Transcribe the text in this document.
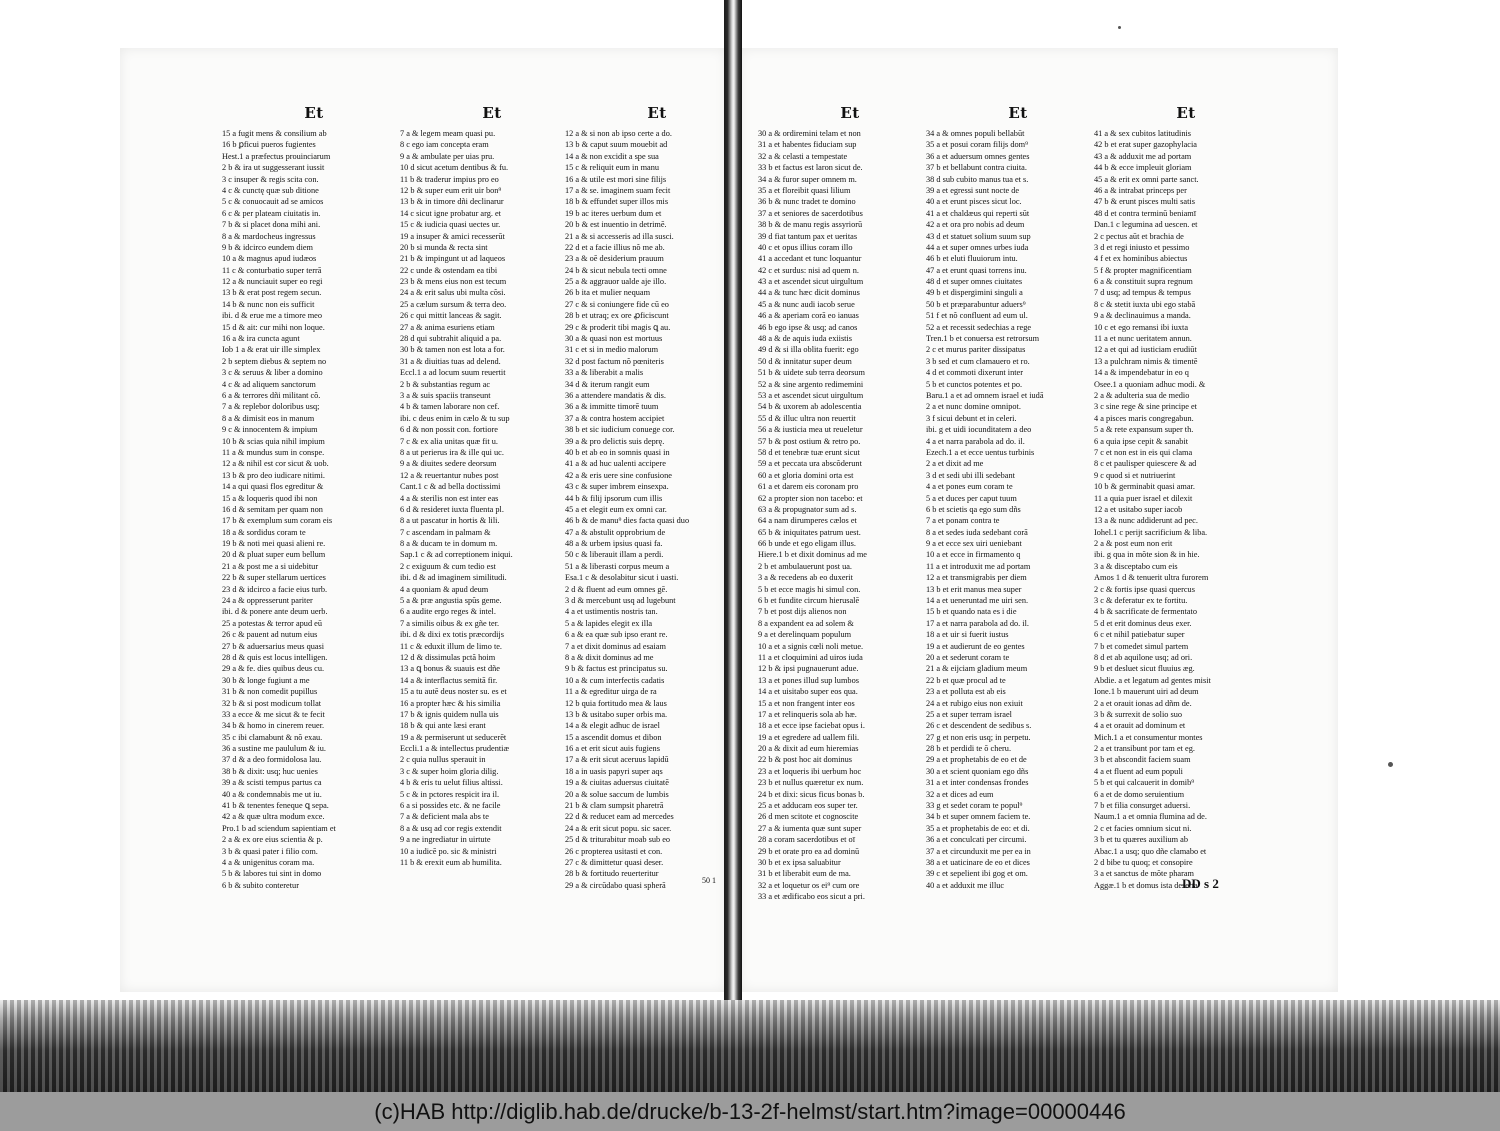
Et
15 a fugit mens & consilium ab
16 b ꝑficui pueros fugientes
Hest.1 a præfectus prouinciarum
2 b & ira ut suggesserant iussit
3 c insuper & regis scita con.
4 c & cunctę quæ sub ditione
5 c & conuocauit ad se amicos
6 c & per plateam ciuitatis in.
7 b & si placet dona mihi ani.
8 a & mardocheus ingressus
9 b & idcirco eundem diem
10 a & magnus apud iudæos
11 c & conturbatio super terrā
12 a & nunciauit super eo regi
13 b & erat post regem secun.
14 b & nunc non eis sufficit
ibi. d & erue me a timore meo
15 d & ait: cur mihi non loque.
16 a & ira cuncta agunt
Iob 1 a & erat uir ille simplex
2 b septem diebus & septem no
3 c & seruus & liber a domino
4 c & ad aliquem sanctorum
6 a & terrores dñi militant cõ.
7 a & replebor doloribus usq;
8 a & dimisit eos in manum
9 c & innocentem & impium
10 b & scias quia nihil impium
11 a & mundus sum in conspe.
12 a & nihil est cor sicut & uob.
13 b & pro deo iudicare nitimi.
14 a qui quasi flos egreditur &
15 a & loqueris quod ibi non
16 d & semitam per quam non
17 b & exemplum sum coram eis
18 a & sordidus coram te
19 b & noti mei quasi alieni re.
20 d & pluat super eum bellum
21 a & post me a si uidebitur
22 b & super stellarum uertices
23 d & idcirco a facie eius turb.
24 a & oppresserunt pariter
ibi. d & ponere ante deum uerb.
25 a potestas & terror apud eū
26 c & pauent ad nutum eius
27 b & aduersarius meus quasi
28 d & quis est locus intelligen.
29 a & fe. dies quibus deus cu.
30 b & longe fugiunt a me
31 b & non comedit pupillus
32 b & si post modicum tollat
33 a ecce & me sicut & te fecit
34 b & homo in cinerem reuer.
35 c ibi clamabunt & nõ exau.
36 a sustine me paululum & iu.
37 d & a deo formidolosa lau.
38 b & dixit: usq; huc uenies
39 a & scisti tempus partus ca
40 a & condemnabis me ut iu.
41 b & tenentes feneque ꝗ sepa.
42 a & quæ ultra modum exce.
Pro.1 b ad sciendum sapientiam et
2 a & ex ore eius scientia & p.
3 b & quasi pater i filio com.
4 a & unigenitus coram ma.
5 b & labores tui sint in domo
6 b & subito conteretur
Et
7 a & legem meam quasi pu.
8 c ego iam concepta eram
9 a & ambulate per uias pru.
10 d sicut acetum dentibus & fu.
11 b & traderur impius pro eo
12 b & super eum erit uir bon⁹
13 b & in timore dñi declinarur
14 c sicut igne probatur arg. et
15 c & iudicia quasi uectes ur.
19 a insuper & amici recesserūt
20 b si munda & recta sint
21 b & impingunt ut ad laqueos
22 c unde & ostendam ea tibi
23 b & mens eius non est tecum
24 a & erit salus ubi multa cõsi.
25 a cælum sursum & terra deo.
26 c qui mittit lanceas & sagit.
27 a & anima esuriens etiam
28 d qui subtrahit aliquid a pa.
30 b & tamen non est lota a for.
31 a & diuitias tuas ad delend.
Eccl.1 a ad locum suum reuertit
2 b & substantias regum ac
3 a & suis spaciis transeunt
4 b & tamen laborare non cef.
ibi. c deus enim in cælo & tu sup
6 d & non possit con. fortiore
7 c & ex alia unitas quæ fit u.
8 a ut perierus ira & ille qui uc.
9 a & diuites sedere deorsum
12 a & reuertantur nubes post
Cant.1 c & ad bella doctissimi
4 a & sterilis non est inter eas
6 d & resideret iuxta fluenta pl.
8 a ut pascatur in hortis & lili.
7 c ascendam in palmam &
8 a & ducam te in domum m.
Sap.1 c & ad correptionem iniqui.
2 c exiguum & cum tedio est
ibi. d & ad imaginem similitudi.
4 a quoniam & apud deum
5 a & præ angustia spũs geme.
6 a audite ergo reges & intel.
7 a similis oibus & ex gñe ter.
ibi. d & dixi ex totis præcordijs
11 c & eduxit illum de limo te.
12 d & dissimulas pctã hoim
13 a ꝗ bonus & suauis est dñe
14 a & interflactus semitā fir.
15 a tu autē deus noster su. es et
16 a propter hæc & his similia
17 b & ignis quidem nulla uis
18 b & qui ante læsi erant
19 a & permiserunt ut seducerēt
Eccli.1 a & intellectus prudentiæ
2 c quia nullus sperauit in
3 c & super hoim gloria dilig.
4 b & eris tu uelut filius altissi.
5 c & in pctores respicit ira il.
6 a si possides etc. & ne facile
7 a & deficient mala abs te
8 a & usq ad cor regis extendit
9 a ne ingrediatur in uirtute
10 a iudicē po. sic & ministri
11 b & erexit eum ab humilita.
Et
12 a & si non ab ipso certe a do.
13 b & caput suum mouebit ad
14 a & non excidit a spe sua
15 c & reliquit eum in manu
16 a & utile est mori sine filijs
17 a & se. imaginem suam fecit
18 b & effundet super illos mis
19 b ac iteres uerbum dum et
20 b & est inuentio in detrimē.
21 a & si accesseris ad illa susci.
22 d et a facie illius nõ me ab.
23 a & oē desiderium prauum
24 b & sicut nebula tecti omne
25 a & aggrauor ualde aje illo.
26 b ita et mulier nequam
27 c & si coniungere fide cū eo
28 b et utraq; ex ore ꝓficiscunt
29 c & proderit tibi magis ꝗ au.
30 a & quasi non est mortuus
31 c et si in medio malorum
32 d post factum nõ pœniteris
33 a & liberabit a malis
34 d & iterum rangit eum
36 a attendere mandatis & dis.
36 a & immitte timorē tuum
37 a & contra hostem accipiet
38 b et sic iudicium conuege cor.
39 a & pro delictis suis deprę.
40 b et ab eo in somnis quasi in
41 a & ad huc ualenti accipere
42 a & eris uere sine confusione
43 c & super imbrem einsexpa.
44 b & filij ipsorum cum illis
45 a et elegit eum ex omni car.
46 b & de manu⁹ dies facta quasi duo
47 a & abstulit opprobrium de
48 a & urbem ipsius quasi fa.
50 c & liberauit illam a perdi.
51 a & liberasti corpus meum a
Esa.1 c & desolabitur sicut i uasti.
2 d & fluent ad eum omnes gē.
3 d & mercebunt usq ad lugebunt
4 a et ustimentis nostris tan.
5 a & lapides elegit ex illa
6 a & ea quæ sub ipso erant re.
7 a et dixit dominus ad esaiam
8 a & dixit dominus ad me
9 b & factus est principatus su.
10 a & cum interfectis cadatis
11 a & egreditur uirga de ra
12 b quia fortitudo mea & laus
13 b & usitabo super orbis ma.
14 a & elegit adhuc de israel
15 a ascendit domus et dibon
16 a et erit sicut auis fugiens
17 a & erit sicut aceruus lapidū
18 a in uasis papyri super aqs
19 a & ciuitas aduersus ciuitatē
20 a & solue saccum de lumbis
21 b & clam sumpsit pharetrā
22 d & reducet eam ad mercedes
24 a & erit sicut popu. sic sacer.
25 d & triturabitur moab sub eo
26 c propterea usitasti et con.
27 c & dimittetur quasi deser.
28 b & fortitudo reuerteritur
29 a & circūdabo quasi spherā
Et
30 a & ordiremini telam et non
31 a et habentes fiduciam sup
32 a & celasti a tempestate
33 b et factus est laron sicut de.
34 a & furor super omnem m.
35 a et floreibit quasi lilium
36 b & nunc tradet te domino
37 a et seniores de sacerdotibus
38 b & de manu regis assyriorū
39 d fiat tantum pax et ueritas
40 c et opus illius coram illo
41 a accedant et tunc loquantur
42 c et surdus: nisi ad quem n.
43 a et ascendet sicut uirgultum
44 a & tunc hæc dicit dominus
45 a & nunc audi iacob serue
46 a & aperiam corā eo ianuas
46 b ego ipse & usq; ad canos
48 a & de aquis iuda exiistis
49 d & si illa oblita fuerit: ego
50 d & innitatur super deum
51 b & uidete sub terra deorsum
52 a & sine argento redimemini
53 a et ascendet sicut uirgultum
54 b & uxorem ab adolescentia
55 d & illuc ultra non reuertit
56 a & iusticia mea ut reueletur
57 b & post ostium & retro po.
58 d et tenebræ tuæ erunt sicut
59 a et peccata ura abscõderunt
60 a et gloria domini orta est
61 a et darem eis coronam pro
62 a propter sion non tacebo: et
63 a & propugnator sum ad s.
64 a nam dirumperes cælos et
65 b & iniquitates patrum uest.
66 b unde et ego eligam illus.
Hiere.1 b et dixit dominus ad me
2 b et ambulauerunt post ua.
3 a & recedens ab eo duxerit
5 b et ecce magis hi simul con.
6 b et fundite circum hierusalē
7 b et post dijs alienos non
8 a expandent ea ad solem &
9 a et derelinquam populum
10 a et a signis cœli noli metue.
11 a et cloquimini ad uiros iuda
12 b & ipsi pugnauerunt adue.
13 a et pones illud sup lumbos
14 a et uisitabo super eos qua.
15 a et non frangent inter eos
17 a et relinqueris sola ab hæ.
18 a et ecce ipse faciebat opus i.
19 a et egredere ad uallem fili.
20 a & dixit ad eum hieremias
22 b & post hoc ait dominus
23 a et loqueris ibi uerbum hoc
23 b et nullus quæretur ex num.
24 b et dixi: sicus ficus bonas b.
25 a et adducam eos super ter.
26 d men scitote et cognoscite
27 a & iumenta quæ sunt super
28 a coram sacerdotibus et oī
29 b et orate pro ea ad dominū
30 b et ex ipsa saluabitur
31 b et liberabit eum de ma.
32 a et loquetur os ei⁹ cum ore
33 a et ædificabo eos sicut a pri.
Et
34 a & omnes populi bellabūt
35 a et posui coram filijs dom⁹
36 a et aduersum omnes gentes
37 b et bellabunt contra ciuita.
38 d sub cubito manus tua et s.
39 a et egressi sunt nocte de
40 a et erunt pisces sicut loc.
41 a et chaldæus qui reperti sūt
42 a et ora pro nobis ad deum
43 d et statuet solium suum sup
44 a et super omnes urbes iuda
46 b et eluti fluuiorum intu.
47 a et erunt quasi torrens inu.
48 d et super omnes ciuitates
49 b et dispergimini singuli a
50 b et præparabuntur aduers⁹
51 f et nõ confluent ad eum ul.
52 a et recessit sedechias a rege
Tren.1 b et conuersa est retrorsum
2 c et murus pariter dissipatus
3 b sed et cum clamauero et ro.
4 d et commoti dixerunt inter
5 b et cunctos potentes et po.
Baru.1 a et ad omnem israel et iudā
2 a et nunc domine omnipot.
3 f sicui debunt et in celeri.
ibi. g et uidi iocunditatem a deo
4 a et narra parabola ad do. il.
Ezech.1 a et ecce uentus turbinis
2 a et dixit ad me
3 d et sedi ubi illi sedebant
4 a et pones eum coram te
5 a et duces per caput tuum
6 b et scietis qa ego sum dñs
7 a et ponam contra te
8 a et sedes iuda sedebant corā
9 a et ecce sex uiri ueniebant
10 a et ecce in firmamento q
11 a et introduxit me ad portam
12 a et transmigrabis per diem
13 b et erit manus mea super
14 a et ueneruntad me uiri sen.
15 b et quando nata es i die
17 a et narra parabola ad do. il.
18 a et uir si fuerit iustus
19 a et audierunt de eo gentes
20 a et sederunt coram te
21 a & eijciam gladium meum
22 b et quæ procul ad te
23 a et polluta est ab eis
24 a et rubigo eius non exiuit
25 a et super terram israel
26 c et descendent de sedibus s.
27 g et non eris usq; in perpetu.
28 b et perdidi te ō cheru.
29 a et prophetabis de eo et de
30 a et scient quoniam ego dñs
31 a et inter condensas frondes
32 a et dices ad eum
33 g et sedet coram te popul⁹
34 b et super omnem faciem te.
35 a et prophetabis de eo: et di.
36 a et conculcati per circumi.
37 a et circunduxit me per ea in
38 a et uaticinare de eo et dices
39 c et sepelient ibi gog et om.
40 a et adduxit me illuc
Et
41 a & sex cubitos latitudinis
42 b et erat super gazophylacia
43 a & adduxit me ad portam
44 b & ecce impleuit gloriam
45 a & erit ex omni parte sanct.
46 a & intrabat princeps per
47 b & erunt pisces multi satis
48 d et contra terminū beniamī
Dan.1 c legumina ad uescen. et
2 c pectus aūt et brachia de
3 d et regi iniusto et pessimo
4 f et ex hominibus abiectus
5 f & propter magnificentiam
6 a & constituit supra regnum
7 d usq; ad tempus & tempus
8 c & stetit iuxta ubi ego stabā
9 a & declinauimus a manda.
10 c et ego remansi ibi iuxta
11 a et nunc ueritatem annun.
12 a et qui ad iusticiam erudiūt
13 a pulchram nimis & timentē
14 a & impendebatur in eo q
Osee.1 a quoniam adhuc modi. &
2 a & adulteria sua de medio
3 c sine rege & sine principe et
4 a pisces maris congregabun.
5 a & rete expansum super th.
6 a quia ipse cepit & sanabit
7 c et non est in eis qui clama
8 c et paulisper quiescere & ad
9 c quod si et nutriuerint
10 b & germinabit quasi amar.
11 a quia puer israel et dilexit
12 a et usitabo super iacob
13 a & nunc addiderunt ad pec.
Iohel.1 c perijt sacrificium & liba.
2 a & post eum non erit
ibi. g qua in mõte sion & in hie.
3 a & disceptabo cum eis
Amos 1 d & tenuerit ultra furorem
2 c & fortis ipse quasi quercus
3 c & deferatur ex te fortitu.
4 b & sacrificate de fermentato
5 d et erit dominus deus exer.
6 c et nihil patiebatur super
7 b et comedet simul partem
8 d et ab aquilone usq; ad ori.
9 b et desluet sicut fluuius æg.
Abdie. a et legatum ad gentes misit
Ione.1 b mauerunt uiri ad deum
2 a et orauit ionas ad dñm de.
3 b & surrexit de solio suo
4 a et orauit ad dominum et
Mich.1 a et consumentur montes
2 a et transibunt por tam et eg.
3 b et abscondit faciem suam
4 a et fluent ad eum populi
5 b et qui calcauerit in domib⁹
6 a et de domo seruientium
7 b et filia consurget aduersi.
Naum.1 a et omnia flumina ad de.
2 c et facies omnium sicut ni.
3 b et tu quæres auxilium ab
Abac.1 a usq; quo dñe clamabo et
2 d bibe tu quoq; et consopire
3 a et sanctus de mõte pharam
Aggæ.1 b et domus ista deserta
50 1	DD s 2
(c)HAB http://diglib.hab.de/drucke/b-13-2f-helmst/start.htm?image=00000446
